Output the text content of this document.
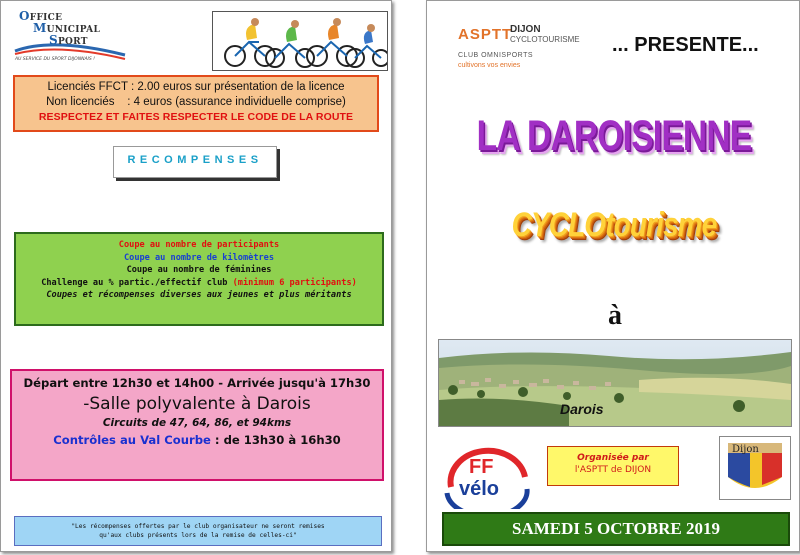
OFFICE
MUNICIPAL
SPORT
AU SERVICE DU SPORT DIJONNAIS !
Licenciés FFCT : 2.00 euros sur présentation de la licence
Non licenciés    : 4 euros (assurance individuelle comprise)
RESPECTEZ ET FAITES RESPECTER LE CODE DE LA ROUTE
RECOMPENSES
Coupe au nombre de participants
Coupe au nombre de kilomètres
Coupe au nombre de féminines
Challenge au % partic./effectif club (minimum 6 participants)
Coupes et récompenses diverses aux jeunes et plus méritants
Départ entre 12h30 et 14h00 - Arrivée jusqu'à 17h30
-Salle polyvalente à Darois
Circuits de 47, 64, 86, et 94kms
Contrôles au Val Courbe : de 13h30 à 16h30
"Les récompenses offertes par le club organisateur ne seront remises
qu'aux clubs présents lors de la remise de celles-ci"
ASPTT
DIJON
CYCLOTOURISME
CLUB OMNISPORTS
cultivons vos envies
... PRESENTE...
LA DAROISIENNE
CYCLOtourisme
à
Darois
FF
vélo
Organisée par
l'ASPTT de DIJON
Dijon
SAMEDI 5 OCTOBRE 2019
